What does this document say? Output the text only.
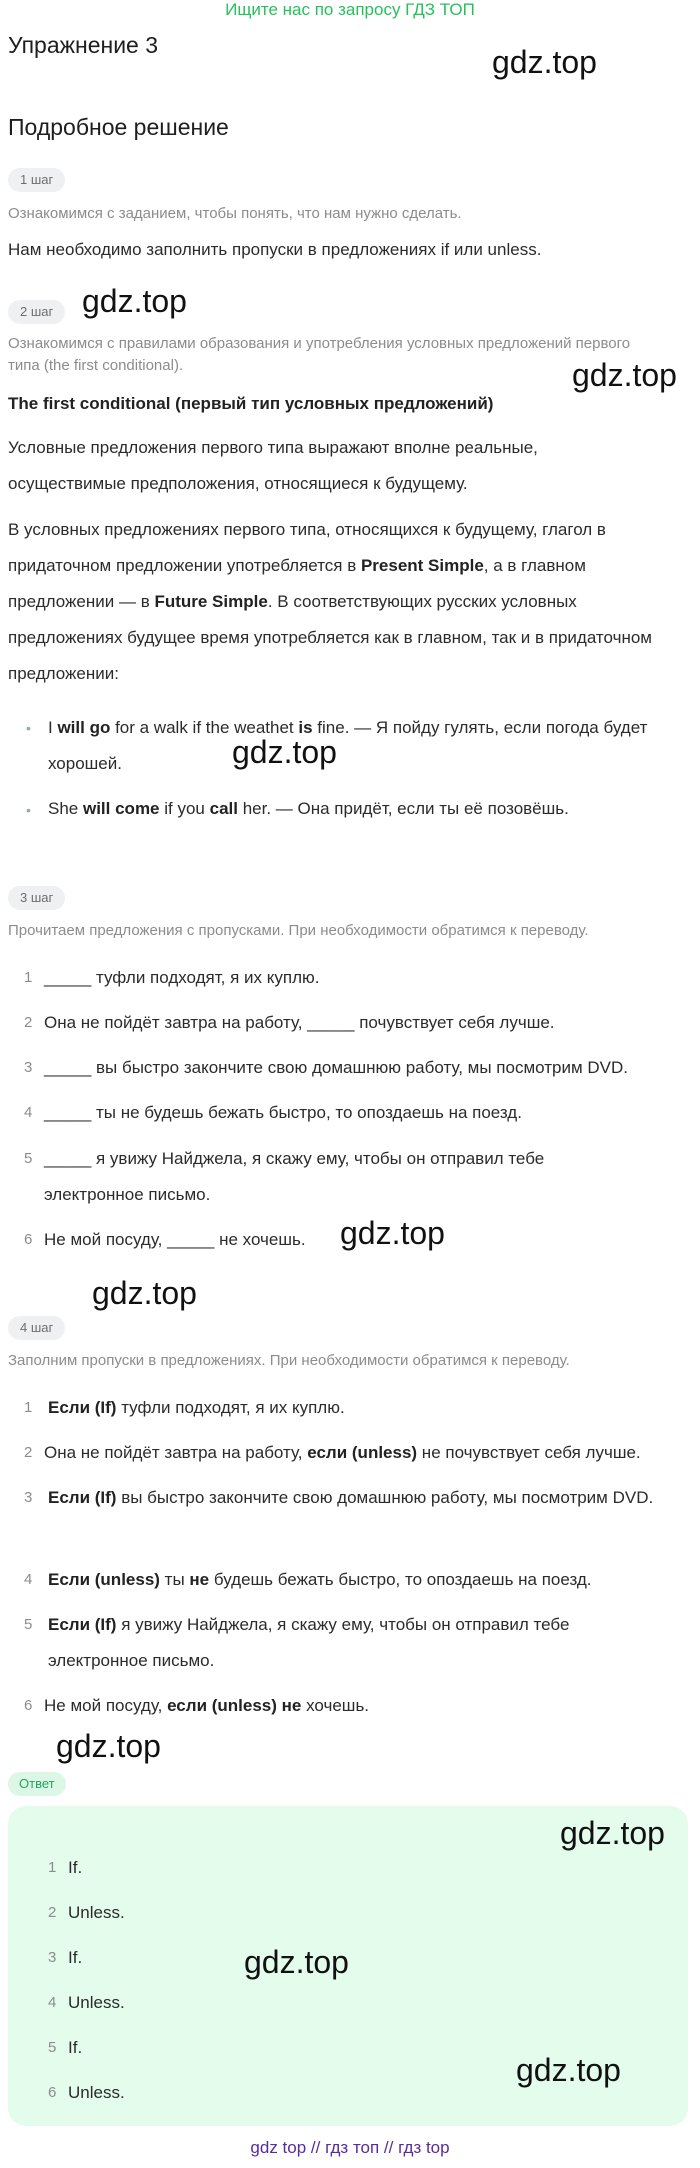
Ищите нас по запросу ГДЗ ТОП
Упражнение 3	gdz.top
Подробное решение
1 шаг
Ознакомимся с заданием, чтобы понять, что нам нужно сделать.
Нам необходимо заполнить пропуски в предложениях if или unless.
2 шаг gdz.top
Ознакомимся с правилами образования и употребления условных предложений первого типа (the first conditional).	gdz.top
The first conditional (первый тип условных предложений)
Условные предложения первого типа выражают вполне реальные, осуществимые предположения, относящиеся к будущему.
В условных предложениях первого типа, относящихся к будущему, глагол в придаточном предложении употребляется в Present Simple, а в главном предложении — в Future Simple. В соответствующих русских условных предложениях будущее время употребляется как в главном, так и в придаточном предложении:
• I will go for a walk if the weathet is fine. — Я пойду гулять, если погода будет хорошей.	gdz.top
• She will come if you call her. — Она придёт, если ты её позовёшь.
3 шаг
Прочитаем предложения с пропусками. При необходимости обратимся к переводу.
1 _____ туфли подходят, я их куплю.
2 Она не пойдёт завтра на работу, _____ почувствует себя лучше.
3 _____ вы быстро закончите свою домашнюю работу, мы посмотрим DVD.
4 _____ ты не будешь бежать быстро, то опоздаешь на поезд.
5 _____ я увижу Найджела, я скажу ему, чтобы он отправил тебе электронное письмо.
6 Не мой посуду, _____ не хочешь.	gdz.top
gdz.top
4 шаг
Заполним пропуски в предложениях. При необходимости обратимся к переводу.
1 Если (If) туфли подходят, я их куплю.
2 Она не пойдёт завтра на работу, если (unless) не почувствует себя лучше.
3 Если (If) вы быстро закончите свою домашнюю работу, мы посмотрим DVD.
4 Если (unless) ты не будешь бежать быстро, то опоздаешь на поезд.
5 Если (If) я увижу Найджела, я скажу ему, чтобы он отправил тебе электронное письмо.
6 Не мой посуду, если (unless) не хочешь.
gdz.top
Ответ
gdz.top
1 If.
2 Unless.
3 If.	gdz.top
4 Unless.
5 If.
gdz.top
6 Unless.
gdz top // гдз топ // гдз top
